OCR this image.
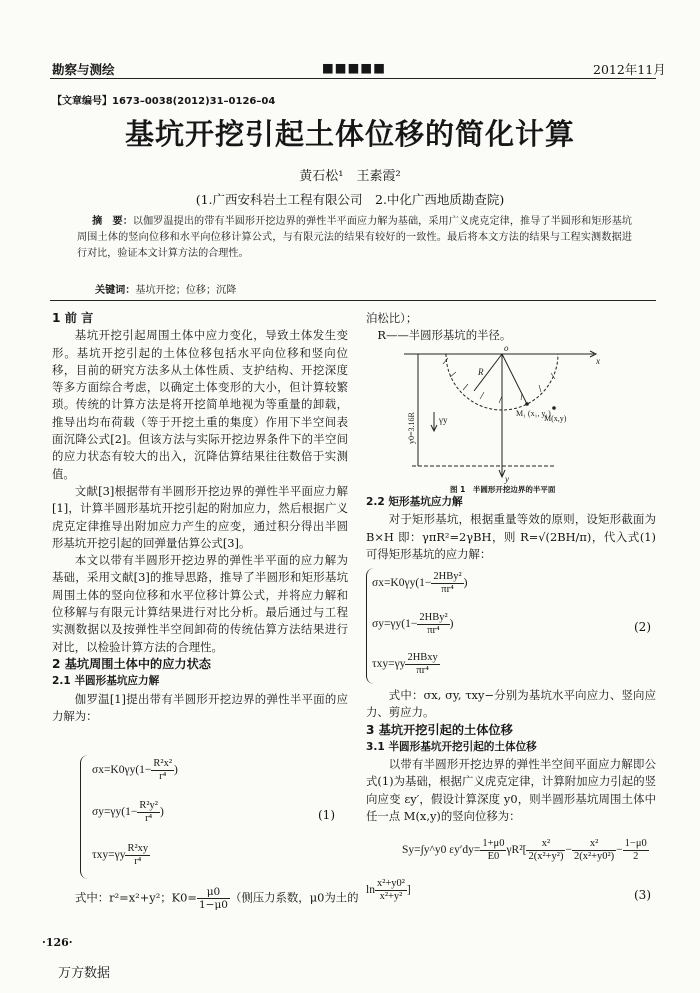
勘察与测绘	■■■■■	2012年11月
【文章编号】1673–0038(2012)31–0126–04
基坑开挖引起土体位移的简化计算
黄石松¹　王素霞²
(1.广西安科岩土工程有限公司　2.中化广西地质勘查院)
摘　要：以伽罗温提出的带有半圆形开挖边界的弹性半平面应力解为基础，采用广义虎克定律，推导了半圆形和矩形基坑周围土体的竖向位移和水平向位移计算公式，与有限元法的结果有较好的一致性。最后将本文方法的结果与工程实测数据进行对比，验证本文计算方法的合理性。
关键词：基坑开挖；位移；沉降
1 前 言

基坑开挖引起周围土体中应力变化，导致土体发生变形。基坑开挖引起的土体位移包括水平向位移和竖向位移，目前的研究方法多从土体性质、支护结构、开挖深度等多方面综合考虑，以确定土体变形的大小，但计算较繁琐。传统的计算方法是将开挖简单地视为等重量的卸载，推导出均布荷载（等于开挖土重的集度）作用下半空间表面沉降公式[2]。但该方法与实际开挖边界条件下的半空间的应力状态有较大的出入，沉降估算结果往往数倍于实测值。

文献[3]根据带有半圆形开挖边界的弹性半平面应力解[1]，计算半圆形基坑开挖引起的附加应力，然后根据广义虎克定律推导出附加应力产生的应变，通过积分得出半圆形基坑开挖引起的回弹量估算公式[3]。

本文以带有半圆形开挖边界的弹性半平面的应力解为基础，采用文献[3]的推导思路，推导了半圆形和矩形基坑周围土体的竖向位移和水平位移计算公式，并将应力解和位移解与有限元计算结果进行对比分析。最后通过与工程实测数据以及按弹性半空间卸荷的传统估算方法结果进行对比，以检验计算方法的合理性。

2 基坑周围土体中的应力状态
2.1 半圆形基坑应力解

伽罗温[1]提出带有半圆形开挖边界的弹性半平面的应力解为：

$\sigma x=K0\gamma y(1- \frac{\text{R²x²}}{\text{r⁴}}$ )
$\sigma y=\gamma y(1- \frac{\text{R²y²}}{\text{r⁴}}$ )
$\tau xy=\gamma y \frac{\text{R²xy}}{\text{r⁴}}$
(1)
式中：r²=x²+y²；$K0= \frac{\mu 0}{1-\mu 0}$ （侧压力系数，μ0为土的
泊松比）；
R——半圆形基坑的半径。
o
x
y
R
γy
M₁ (x₁, y₁)
M(x,y)
y0=3.16R
图 1　半圆形开挖边界的半平面
2.2 矩形基坑应力解

对于矩形基坑，根据重量等效的原则，设矩形截面为 B×H 即：γπR²=2γBH，则 R=√(2BH/π)，代入式(1)可得矩形基坑的应力解：

$\sigma x=K0\gamma y(1- \frac{\text{2HBy²}}{\text{πr⁴}}$ )
$\sigma y=\gamma y(1- \frac{\text{2HBy²}}{\text{πr⁴}}$ )
$\tau xy=\gamma y \frac{\text{2HBxy}}{\text{πr⁴}}$
(2)

式中：σx, σy, τxy−分别为基坑水平向应力、竖向应力、剪应力。

3 基坑开挖引起的土体位移
3.1 半圆形基坑开挖引起的土体位移

以带有半圆形开挖边界的弹性半空间平面应力解即公式(1)为基础，根据广义虎克定律，计算附加应力引起的竖向应变 εy′，假设计算深度 y0，则半圆形基坑周围土体中任一点 M(x,y)的竖向位移为：

Sy=∫y^y0 $\varepsilon y'dy= \frac{1+\mu 0}{E0} \gamma R^2[ \frac{\text{x²}}{\text{2(x²+y²)}} - \frac{\text{x²}}{\text{2(x²+y0²)}} - \frac{1-\mu 0}{2}$
$\ln \frac{\text{x²+y0²}}{\text{x²+y²}}$ ]	(3)
·126·
万方数据
